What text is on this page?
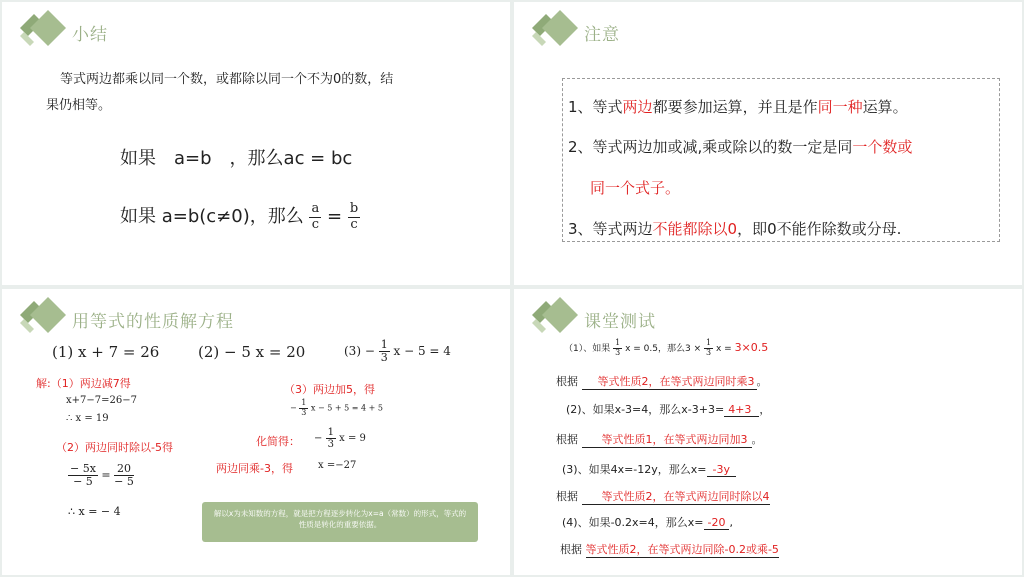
小结
等式两边都乘以同一个数，或都除以同一个不为0的数，结
果仍相等。
如果　a=b　，那么ac = bc
如果 a=b(c≠0)，那么 $\frac{a}{c} = \frac{b}{c}$
注意
1、等式两边都要参加运算，并且是作同一种运算。
2、等式两边加或减,乘或除以的数一定是同一个数或
同一个式子。
3、等式两边不能都除以0，即0不能作除数或分母.
用等式的性质解方程
(1) x + 7 = 26	(2) − 5 x = 20	$(3) - \frac{1}{3}$ x − 5 = 4
解:（1）两边减7得
x+7−7=26−7
∴ x = 19
（2）两边同时除以-5得
$\frac{- 5x}{- 5} = \frac{20}{- 5}$
∴ x = − 4
（3）两边加5，得
− $\frac{1}{3}$ x − 5 + 5 = 4 + 5
化简得： − $\frac{1}{3}$ x = 9
两边同乘-3，得	x =−27
解以x为未知数的方程，就是把方程逐步转化为x=a（常数）的形式，等式的性质是转化的重要依据。
课堂测试
（1）、如果 $\frac{1}{3}$ x = 0.5，那么$3 \times \frac{1}{3}$ x = 3×0.5
根据 等式性质2，在等式两边同时乘3 。
(2)、如果x-3=4，那么x-3+3= 4+3 ，
根据 等式性质1，在等式两边同加3 。
(3)、如果4x=-12y，那么x= -3y
根据 等式性质2，在等式两边同时除以4
(4)、如果-0.2x=4，那么x= -20 ,
根据 等式性质2，在等式两边同除-0.2或乘-5
